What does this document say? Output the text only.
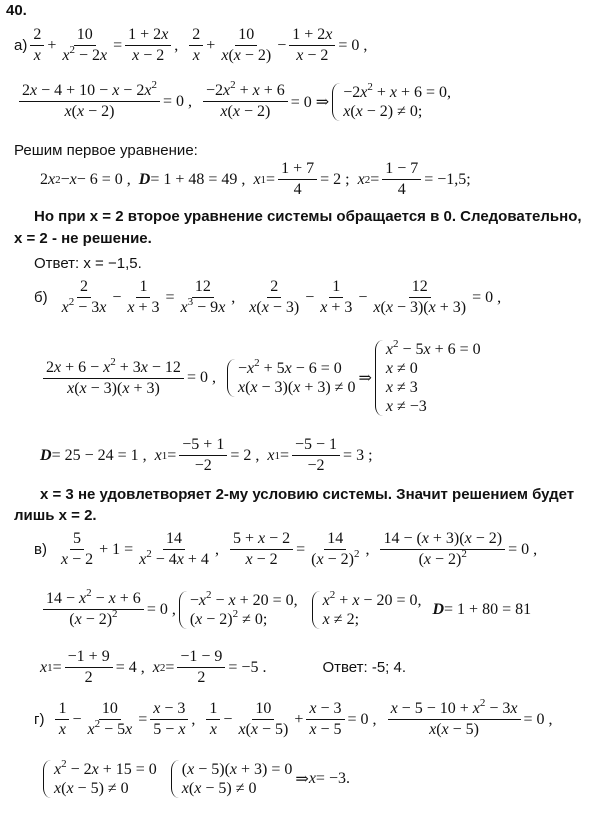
40.
$а) \frac{2}{x} + \frac{10}{x^2 - 2x} = \frac{1 + 2x}{x - 2}$ , $\frac{2}{x} + \frac{10}{x(x - 2)} - \frac{1 + 2x}{x - 2} = 0$ ,
$\frac{2x - 4 + 10 - x - 2x^2}{x(x - 2)} = 0$ , $\frac{-2x^2 + x + 6}{x(x - 2)} = 0$ ⇒
$-2x^2 + x + 6 = 0$,
x(x − 2) ≠ 0;
Решим первое уравнение:
2 x 2 − x − 6 = 0 , D = 1 + 48 = 49 , x $1 = \frac{1 + 7}{4} = 2$ ; x $2 = \frac{1 - 7}{4} = -1,5$;
Но при x = 2 второе уравнение системы обращается в 0. Следовательно,
x = 2 - не решение.
Ответ: x = −1,5.
$б) \frac{2}{x^2 - 3x} - \frac{1}{x + 3} = \frac{12}{x^3 - 9x}$ , $\frac{2}{x(x - 3)} - \frac{1}{x + 3} - \frac{12}{x(x - 3)(x + 3)} = 0$ ,
$\frac{2x + 6 - x^2 + 3x - 12}{x(x - 3)(x + 3)} = 0$ ,
$-x^2 + 5x - 6 = 0$
x(x − 3)(x + 3) ≠ 0
⇒
$x^2 - 5x + 6 = 0$
x ≠ 0
x ≠ 3
x ≠ −3
D = 25 − 24 = 1 , x $1 = \frac{-5 + 1}{-2} = 2$ , x $1 = \frac{-5 - 1}{-2} = 3$ ;
x = 3 не удовлетворяет 2-му условию системы. Значит решением будет
лишь x = 2.
$в) \frac{5}{x - 2} + 1 = \frac{14}{x^2 - 4x + 4}$ , $\frac{5 + x - 2}{x - 2} = \frac{14}{(x - 2)^2}$ , $\frac{14 - (x + 3)(x - 2)}{(x - 2)^2} = 0$ ,
$\frac{14 - x^2 - x + 6}{(x - 2)^2} = 0$ ,
$-x^2 - x + 20 = 0$,
$(x - 2)^2 \ne 0$;
$x^2 + x - 20 = 0$,
x ≠ 2;
D = 1 + 80 = 81
x $1 = \frac{-1 + 9}{2} = 4$ , x $2 = \frac{-1 - 9}{2} = -5$ .	Ответ: -5; 4.
$г) \frac{1}{x} - \frac{10}{x^2 - 5x} = \frac{x - 3}{5 - x}$ , $\frac{1}{x} - \frac{10}{x(x - 5)} + \frac{x - 3}{x - 5} = 0$ , $\frac{x - 5 - 10 + x^2 - 3x}{x(x - 5)} = 0$ ,
$x^2 - 2x + 15 = 0$
x(x − 5) ≠ 0
(x − 5)(x + 3) = 0
x(x − 5) ≠ 0
⇒ x = −3.
